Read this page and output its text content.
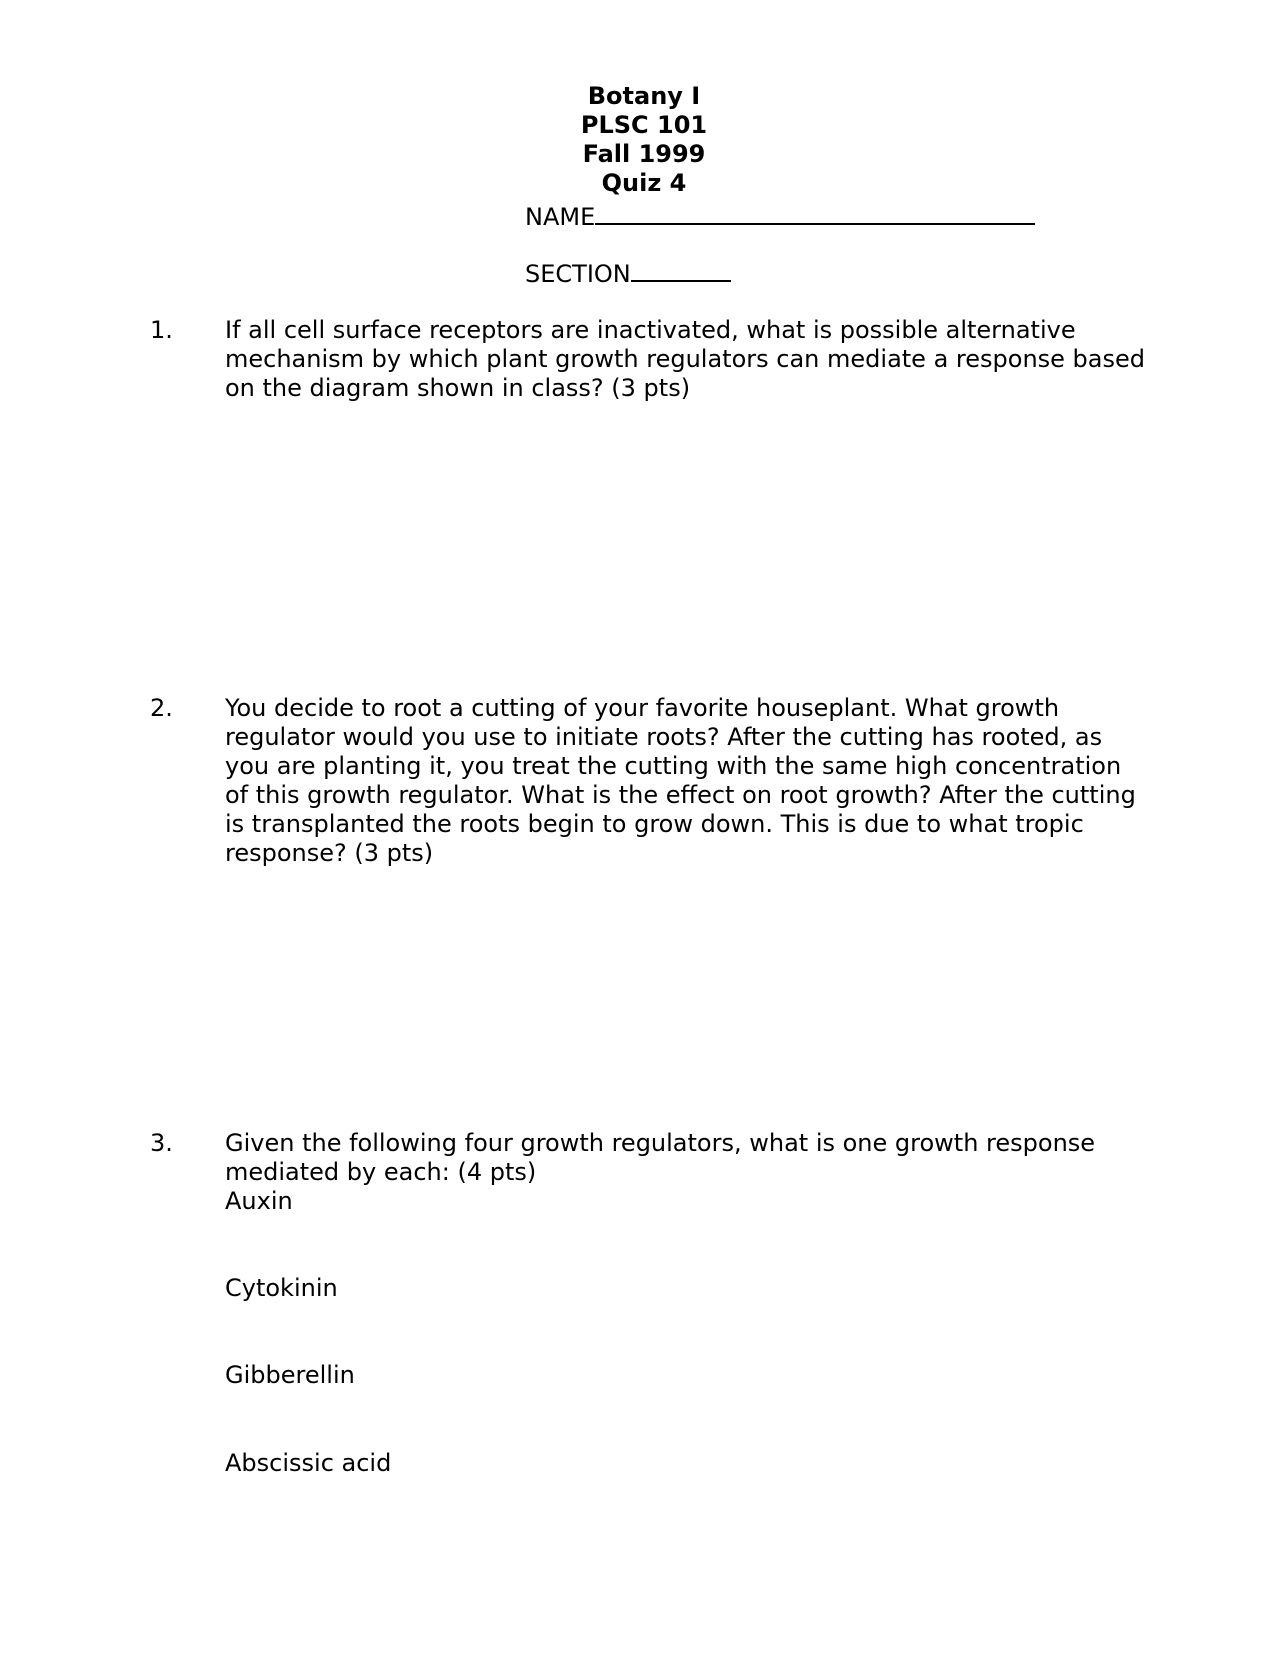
Botany I
PLSC 101
Fall 1999
Quiz 4
NAME
SECTION
1. If all cell surface receptors are inactivated, what is possible alternative mechanism by which plant growth regulators can mediate a response based on the diagram shown in class? (3 pts)
2. You decide to root a cutting of your favorite houseplant. What growth regulator would you use to initiate roots? After the cutting has rooted, as you are planting it, you treat the cutting with the same high concentration of this growth regulator. What is the effect on root growth? After the cutting is transplanted the roots begin to grow down. This is due to what tropic response? (3 pts)
3. Given the following four growth regulators, what is one growth response mediated by each: (4 pts)
Auxin
Cytokinin
Gibberellin
Abscissic acid
